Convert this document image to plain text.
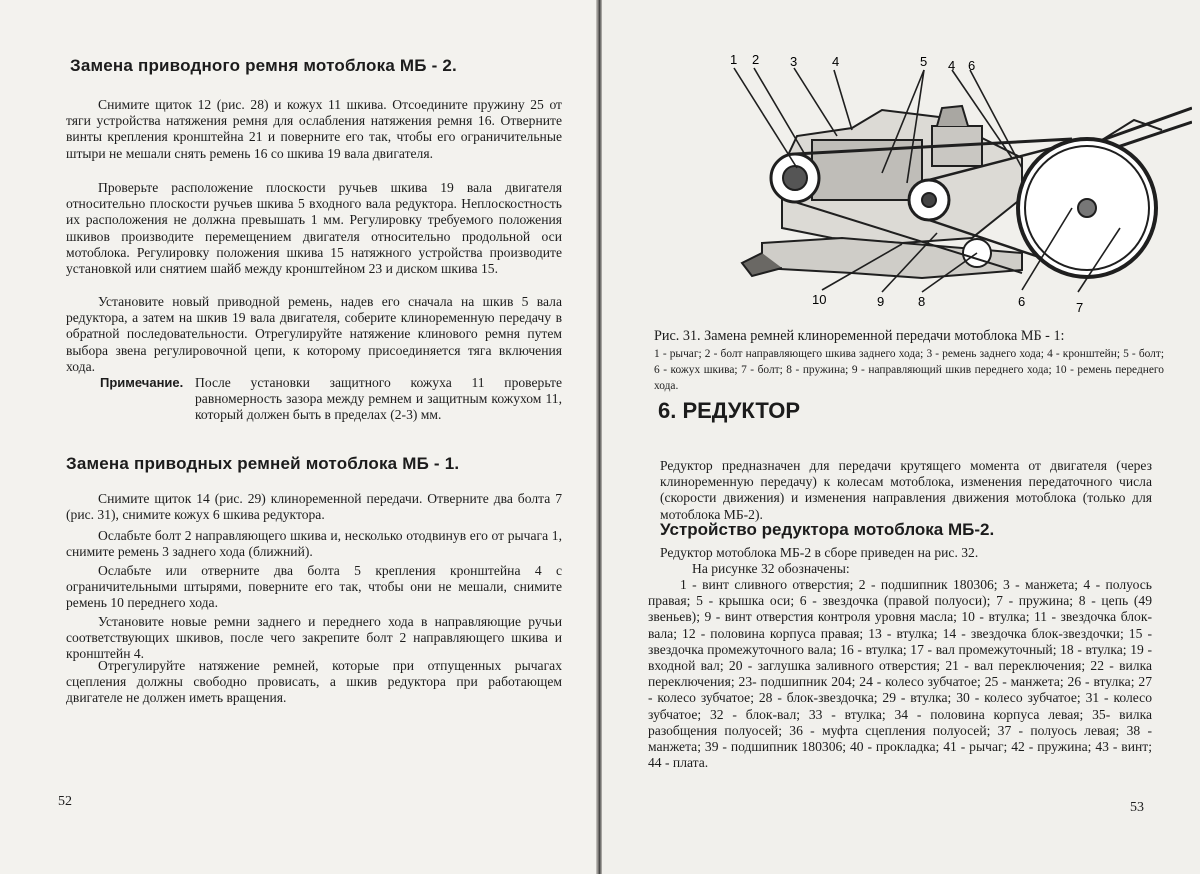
Замена приводного ремня мотоблока МБ - 2.

Снимите щиток 12 (рис. 28) и кожух 11 шкива. Отсоедините пружину 25 от тяги устройства натяжения ремня для ослабления натяжения ремня 16. Отверните винты крепления кронштейна 21 и поверните его так, чтобы его ограничительные штыри не мешали снять ремень 16 со шкива 19 вала двигателя.

Проверьте расположение плоскости ручьев шкива 19 вала двигателя относительно плоскости ручьев шкива 5 входного вала редуктора. Неплоскостность их расположения не должна превышать 1 мм. Регулировку требуемого положения шкивов производите перемещением двигателя относительно продольной оси мотоблока. Регулировку положения шкива 15 натяжного устройства производите установкой или снятием шайб между кронштейном 23 и диском шкива 15.

Установите новый приводной ремень, надев его сначала на шкив 5 вала редуктора, а затем на шкив 19 вала двигателя, соберите клиноременную передачу в обратной последовательности. Отрегулируйте натяжение клинового ремня путем выбора звена регулировочной цепи, к которому присоединяется тяга включения хода.

Примечание. После установки защитного кожуха 11 проверьте равномерность зазора между ремнем и защитным кожухом 11, который должен быть в пределах (2-3) мм.

Замена приводных ремней мотоблока МБ - 1.

Снимите щиток 14 (рис. 29) клиноременной передачи. Отверните два болта 7 (рис. 31), снимите кожух 6 шкива редуктора.

Ослабьте болт 2 направляющего шкива и, несколько отодвинув его от рычага 1, снимите ремень 3 заднего хода (ближний).

Ослабьте или отверните два болта 5 крепления кронштейна 4 с ограничительными штырями, поверните его так, чтобы они не мешали, снимите ремень 10 переднего хода.

Установите новые ремни заднего и переднего хода в направляющие ручьи соответствующих шкивов, после чего закрепите болт 2 направляющего шкива и кронштейн 4.

Отрегулируйте натяжение ремней, которые при отпущенных рычагах сцепления должны свободно провисать, а шкив редуктора при работающем двигателе не должен иметь вращения.

52
1 2 3	4	5 4 6
10	9	8	6	7
Рис. 31. Замена ремней клиноременной передачи мотоблока МБ - 1:
1 - рычаг; 2 - болт направляющего шкива заднего хода; 3 - ремень заднего хода; 4 - кронштейн; 5 - болт; 6 - кожух шкива; 7 - болт; 8 - пружина; 9 - направляющий шкив переднего хода; 10 - ремень переднего хода.
6. РЕДУКТОР

Редуктор предназначен для передачи крутящего момента от двигателя (через клиноременную передачу) к колесам мотоблока, изменения передаточного числа (скорости движения) и изменения направления движения мотоблока (только для мотоблока МБ-2).

Устройство редуктора мотоблока МБ-2.

Редуктор мотоблока МБ-2 в сборе приведен на рис. 32.

На рисунке 32 обозначены:

1 - винт сливного отверстия; 2 - подшипник 180306; 3 - манжета; 4 - полуось правая; 5 - крышка оси; 6 - звездочка (правой полуоси); 7 - пружина; 8 - цепь (49 звеньев); 9 - винт отверстия контроля уровня масла; 10 - втулка; 11 - звездочка блок-вала; 12 - половина корпуса правая; 13 - втулка; 14 - звездочка блок-звездочки; 15 - звездочка промежуточного вала; 16 - втулка; 17 - вал промежуточный; 18 - втулка; 19 - входной вал; 20 - заглушка заливного отверстия; 21 - вал переключения; 22 - вилка переключения; 23- подшипник 204; 24 - колесо зубчатое; 25 - манжета; 26 - втулка; 27 - колесо зубчатое; 28 - блок-звездочка; 29 - втулка; 30 - колесо зубчатое; 31 - колесо зубчатое; 32 - блок-вал; 33 - втулка; 34 - половина корпуса левая; 35- вилка разобщения полуосей; 36 - муфта сцепления полуосей; 37 - полуось левая; 38 - манжета; 39 - подшипник 180306; 40 - прокладка; 41 - рычаг; 42 - пружина; 43 - винт; 44 - плата.

53
